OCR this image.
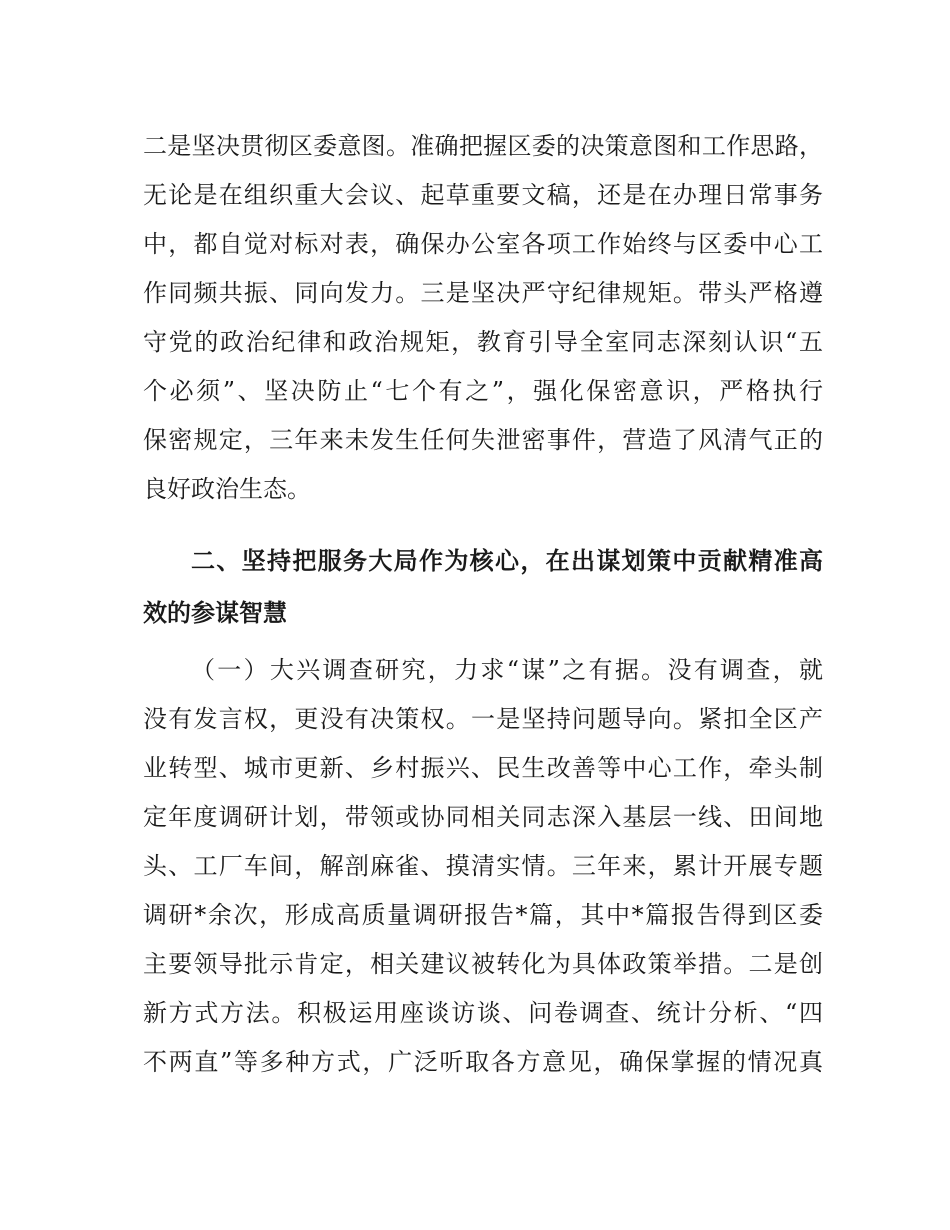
二是坚决贯彻区委意图。准确把握区委的决策意图和工作思路，
无论是在组织重大会议、起草重要文稿，还是在办理日常事务
中，都自觉对标对表，确保办公室各项工作始终与区委中心工
作同频共振、同向发力。三是坚决严守纪律规矩。带头严格遵
守党的政治纪律和政治规矩，教育引导全室同志深刻认识“五
个必须”、坚决防止“七个有之”，强化保密意识，严格执行
保密规定，三年来未发生任何失泄密事件，营造了风清气正的
良好政治生态。
二、坚持把服务大局作为核心，在出谋划策中贡献精准高
效的参谋智慧
（一）大兴调查研究，力求“谋”之有据。没有调查，就
没有发言权，更没有决策权。一是坚持问题导向。紧扣全区产
业转型、城市更新、乡村振兴、民生改善等中心工作，牵头制
定年度调研计划，带领或协同相关同志深入基层一线、田间地
头、工厂车间，解剖麻雀、摸清实情。三年来，累计开展专题
调研*余次，形成高质量调研报告*篇，其中*篇报告得到区委
主要领导批示肯定，相关建议被转化为具体政策举措。二是创
新方式方法。积极运用座谈访谈、问卷调查、统计分析、“四
不两直”等多种方式，广泛听取各方意见，确保掌握的情况真
